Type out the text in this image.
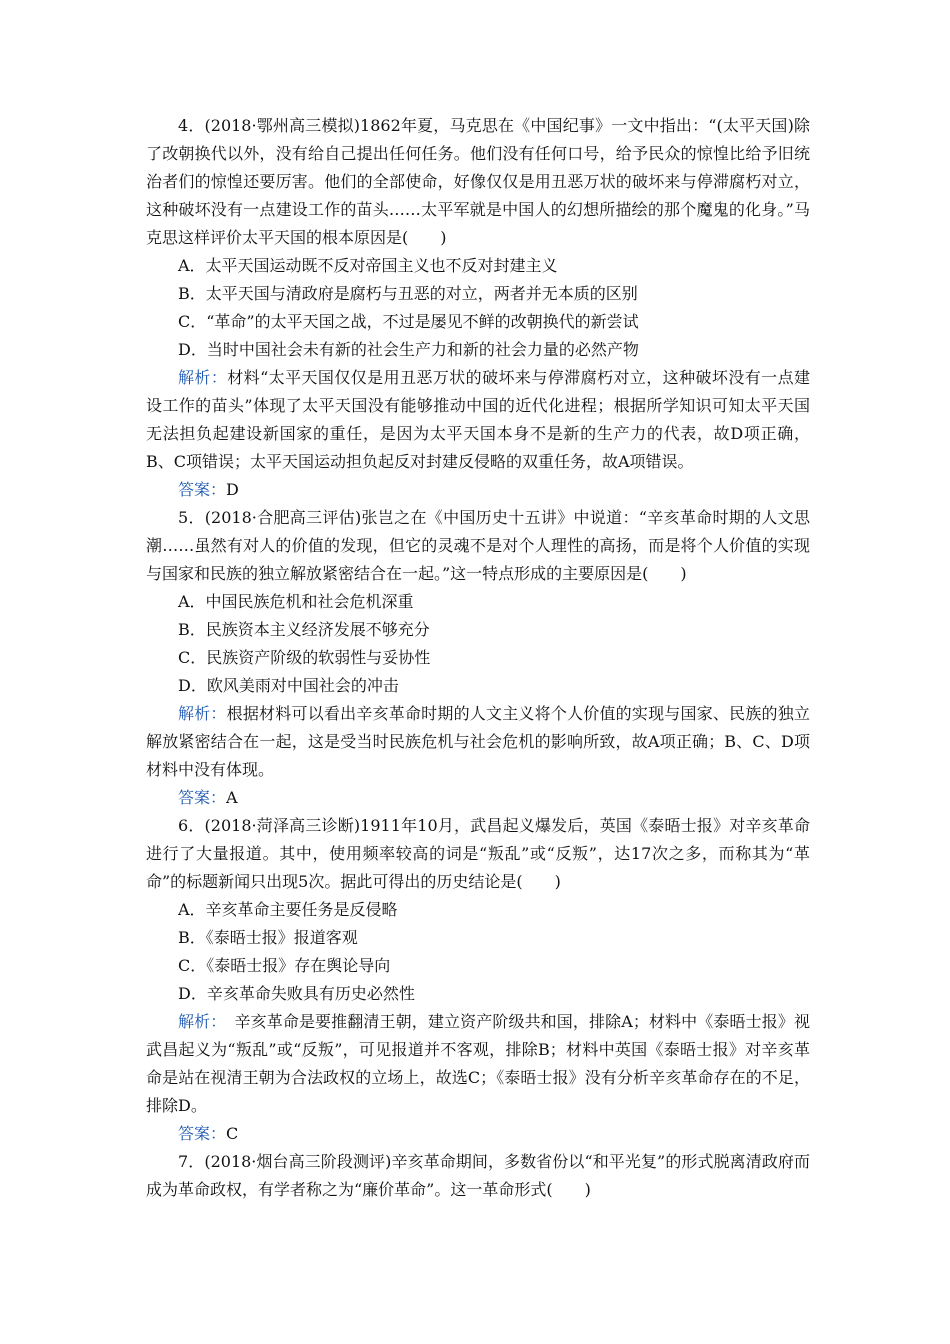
4．(2018·鄂州高三模拟)1862年夏，马克思在《中国纪事》一文中指出：“(太平天国)除了改朝换代以外，没有给自己提出任何任务。他们没有任何口号，给予民众的惊惶比给予旧统治者们的惊惶还要厉害。他们的全部使命，好像仅仅是用丑恶万状的破坏来与停滞腐朽对立，这种破坏没有一点建设工作的苗头……太平军就是中国人的幻想所描绘的那个魔鬼的化身。”马克思这样评价太平天国的根本原因是(　　)

A．太平天国运动既不反对帝国主义也不反对封建主义

B．太平天国与清政府是腐朽与丑恶的对立，两者并无本质的区别

C．“革命”的太平天国之战，不过是屡见不鲜的改朝换代的新尝试

D．当时中国社会未有新的社会生产力和新的社会力量的必然产物

解析：材料“太平天国仅仅是用丑恶万状的破坏来与停滞腐朽对立，这种破坏没有一点建设工作的苗头”体现了太平天国没有能够推动中国的近代化进程；根据所学知识可知太平天国无法担负起建设新国家的重任，是因为太平天国本身不是新的生产力的代表，故D项正确，B、C项错误；太平天国运动担负起反对封建反侵略的双重任务，故A项错误。

答案：D

5．(2018·合肥高三评估)张岂之在《中国历史十五讲》中说道：“辛亥革命时期的人文思潮……虽然有对人的价值的发现，但它的灵魂不是对个人理性的高扬，而是将个人价值的实现与国家和民族的独立解放紧密结合在一起。”这一特点形成的主要原因是(　　)

A．中国民族危机和社会危机深重

B．民族资本主义经济发展不够充分

C．民族资产阶级的软弱性与妥协性

D．欧风美雨对中国社会的冲击

解析：根据材料可以看出辛亥革命时期的人文主义将个人价值的实现与国家、民族的独立解放紧密结合在一起，这是受当时民族危机与社会危机的影响所致，故A项正确；B、C、D项材料中没有体现。

答案：A

6．(2018·菏泽高三诊断)1911年10月，武昌起义爆发后，英国《泰晤士报》对辛亥革命进行了大量报道。其中，使用频率较高的词是“叛乱”或“反叛”，达17次之多，而称其为“革命”的标题新闻只出现5次。据此可得出的历史结论是(　　)

A．辛亥革命主要任务是反侵略

B．《泰晤士报》报道客观

C．《泰晤士报》存在舆论导向

D．辛亥革命失败具有历史必然性

解析：　辛亥革命是要推翻清王朝，建立资产阶级共和国，排除A；材料中《泰晤士报》视武昌起义为“叛乱”或“反叛”，可见报道并不客观，排除B；材料中英国《泰晤士报》对辛亥革命是站在视清王朝为合法政权的立场上，故选C；《泰晤士报》没有分析辛亥革命存在的不足，排除D。

答案：C

7．(2018·烟台高三阶段测评)辛亥革命期间，多数省份以“和平光复”的形式脱离清政府而成为革命政权，有学者称之为“廉价革命”。这一革命形式(　　)
